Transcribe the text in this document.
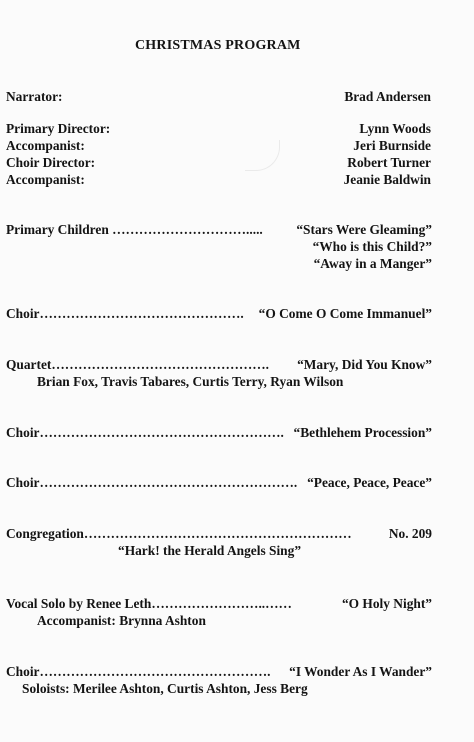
CHRISTMAS PROGRAM
Narrator:	Brad Andersen
Primary Director:	Lynn Woods
Accompanist:	Jeri Burnside
Choir Director:	Robert Turner
Accompanist:	Jeanie Baldwin
Primary Children ………………………….....	“Stars Were Gleaming”
“Who is this Child?”
“Away in a Manger”
Choir………………………………………. “O Come O Come Immanuel”
Quartet…………………………………………. “Mary, Did You Know”
Brian Fox, Travis Tabares, Curtis Terry, Ryan Wilson
Choir………………………………………………. “Bethlehem Procession”
Choir…………………………………………………. “Peace, Peace, Peace”
Congregation……………………………………………………	No. 209
“Hark! the Herald Angels Sing”
Vocal Solo by Renee Leth……………………..……	“O Holy Night”
Accompanist: Brynna Ashton
Choir……………………………………………. “I Wonder As I Wander”
Soloists: Merilee Ashton, Curtis Ashton, Jess Berg
